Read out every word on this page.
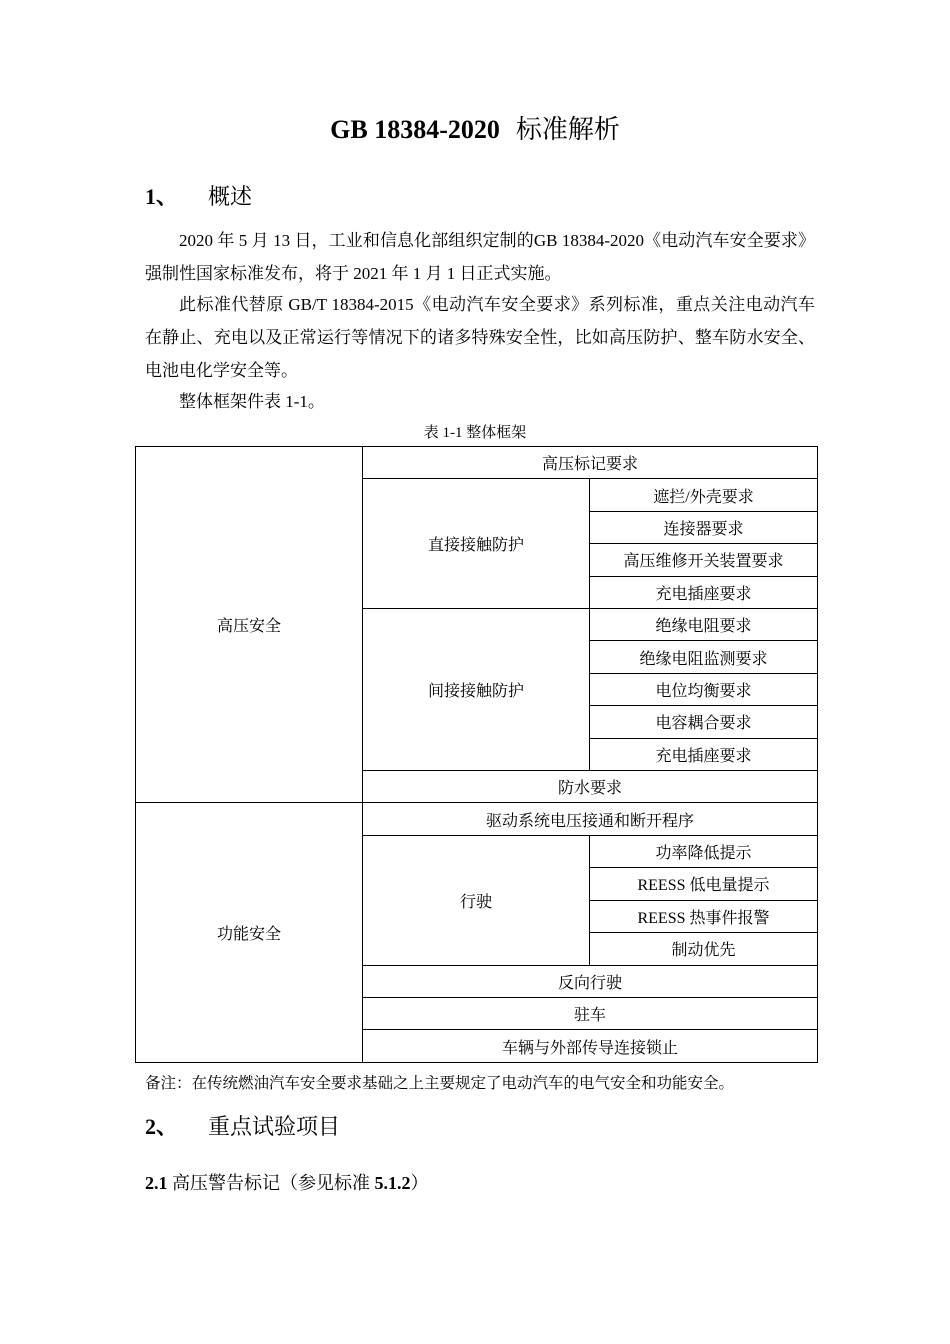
GB 18384-2020 标准解析
1、 概述

2020 年 5 月 13 日，工业和信息化部组织定制的GB 18384-2020《电动汽车安全要求》强制性国家标准发布，将于 2021 年 1 月 1 日正式实施。

此标准代替原 GB/T 18384-2015《电动汽车安全要求》系列标准，重点关注电动汽车在静止、充电以及正常运行等情况下的诸多特殊安全性，比如高压防护、整车防水安全、电池电化学安全等。

整体框架件表 1-1。

表 1-1 整体框架
高压安全	高压标记要求	
	直接接触防护	遮拦/外壳要求
		连接器要求
		高压维修开关装置要求
		充电插座要求
	间接接触防护	绝缘电阻要求
		绝缘电阻监测要求
		电位均衡要求
		电容耦合要求
		充电插座要求
	防水要求	
功能安全	驱动系统电压接通和断开程序	
	行驶	功率降低提示
		REESS 低电量提示
		REESS 热事件报警
		制动优先
	反向行驶	
	驻车	
	车辆与外部传导连接锁止	
备注：在传统燃油汽车安全要求基础之上主要规定了电动汽车的电气安全和功能安全。
2、 重点试验项目
2.1 高压警告标记（参见标准 5.1.2）
